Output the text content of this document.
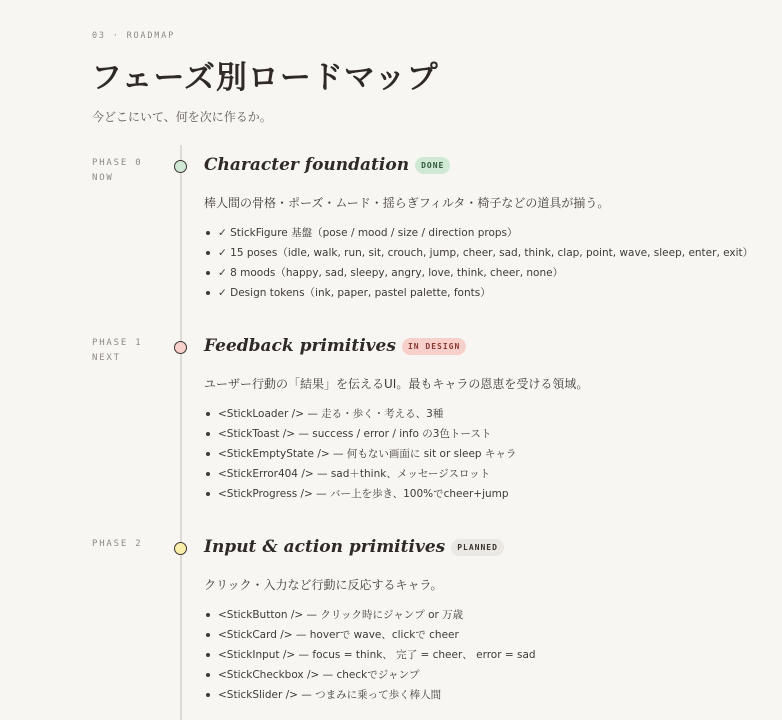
03 · ROADMAP
フェーズ別ロードマップ

今どこにいて、何を次に作るか。

PHASE 0
NOW
Character foundation DONE

棒人間の骨格・ポーズ・ムード・揺らぎフィルタ・椅子などの道具が揃う。

✓ StickFigure 基盤（pose / mood / size / direction props）
✓ 15 poses（idle, walk, run, sit, crouch, jump, cheer, sad, think, clap, point, wave, sleep, enter, exit）
✓ 8 moods（happy, sad, sleepy, angry, love, think, cheer, none）
✓ Design tokens（ink, paper, pastel palette, fonts）
PHASE 1
NEXT
Feedback primitives IN DESIGN

ユーザー行動の「結果」を伝えるUI。最もキャラの恩恵を受ける領域。

<StickLoader /> — 走る・歩く・考える、3種
<StickToast /> — success / error / info の3色トースト
<StickEmptyState /> — 何もない画面に sit or sleep キャラ
<StickError404 /> — sad＋think、メッセージスロット
<StickProgress /> — バー上を歩き、100%でcheer+jump
PHASE 2	Input & action primitives PLANNED

クリック・入力など行動に反応するキャラ。

<StickButton /> — クリック時にジャンプ or 万歳
<StickCard /> — hoverで wave、clickで cheer
<StickInput /> — focus = think、 完了 = cheer、 error = sad
<StickCheckbox /> — checkでジャンプ
<StickSlider /> — つまみに乗って歩く棒人間
